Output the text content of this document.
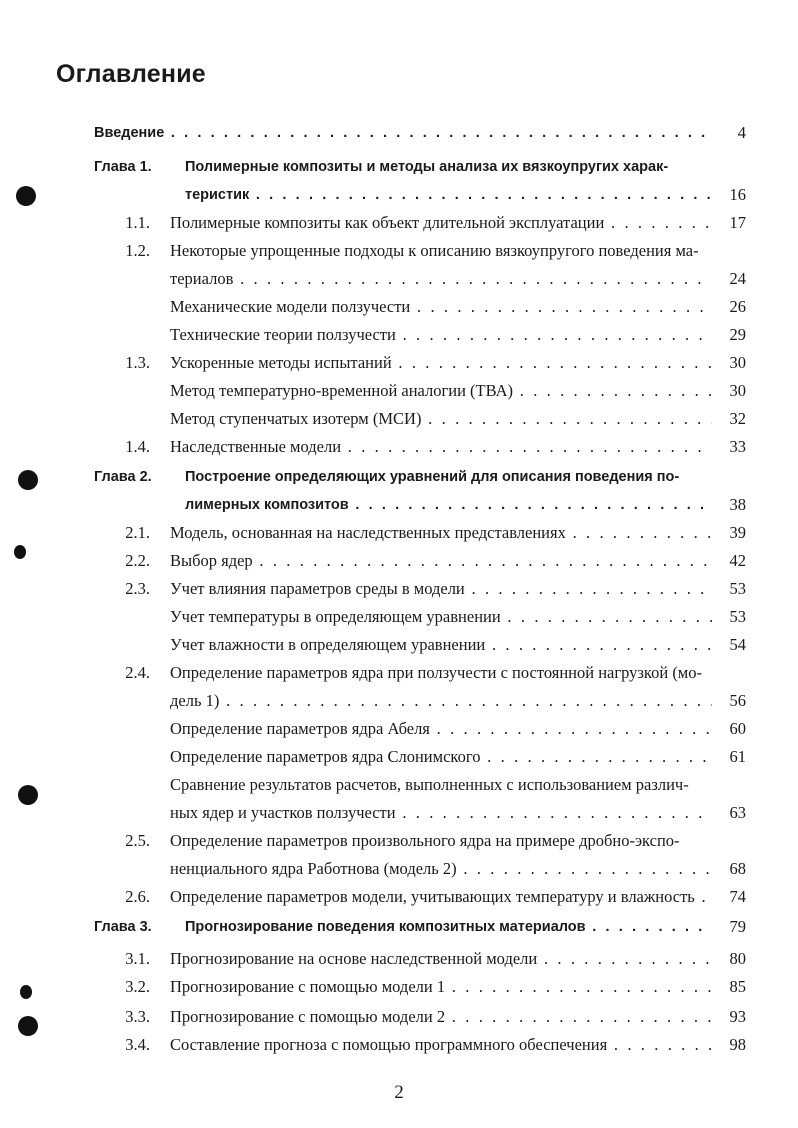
Оглавление
Введение . . .	4
Глава 1. Полимерные композиты и методы анализа их вязкоупругих харак-
теристик . . .	16
1.1. Полимерные композиты как объект длительной эксплуатации . . .	17
1.2. Некоторые упрощенные подходы к описанию вязкоупругого поведения ма-
териалов . . .	24
Механические модели ползучести . . .	26
Технические теории ползучести . . .	29
1.3. Ускоренные методы испытаний . . .	30
Метод температурно-временной аналогии (ТВА) . . .	30
Метод ступенчатых изотерм (МСИ) . . .	32
1.4. Наследственные модели . . .	33
Глава 2. Построение определяющих уравнений для описания поведения по-
лимерных композитов . . .	38
2.1. Модель, основанная на наследственных представлениях . . .	39
2.2. Выбор ядер . . .	42
2.3. Учет влияния параметров среды в модели . . .	53
Учет температуры в определяющем уравнении . . .	53
Учет влажности в определяющем уравнении . . .	54
2.4. Определение параметров ядра при ползучести с постоянной нагрузкой (мо-
дель 1) . . .	56
Определение параметров ядра Абеля . . .	60
Определение параметров ядра Слонимского . . .	61
Сравнение результатов расчетов, выполненных с использованием различ-
ных ядер и участков ползучести . . .	63
2.5. Определение параметров произвольного ядра на примере дробно-экспо-
ненциального ядра Работнова (модель 2) . . .	68
2.6. Определение параметров модели, учитывающих температуру и влажность . . .	74
Глава 3. Прогнозирование поведения композитных материалов . . .	79
3.1. Прогнозирование на основе наследственной модели . . .	80
3.2. Прогнозирование с помощью модели 1 . . .	85
3.3. Прогнозирование с помощью модели 2 . . .	93
3.4. Составление прогноза с помощью программного обеспечения . . .	98
2
